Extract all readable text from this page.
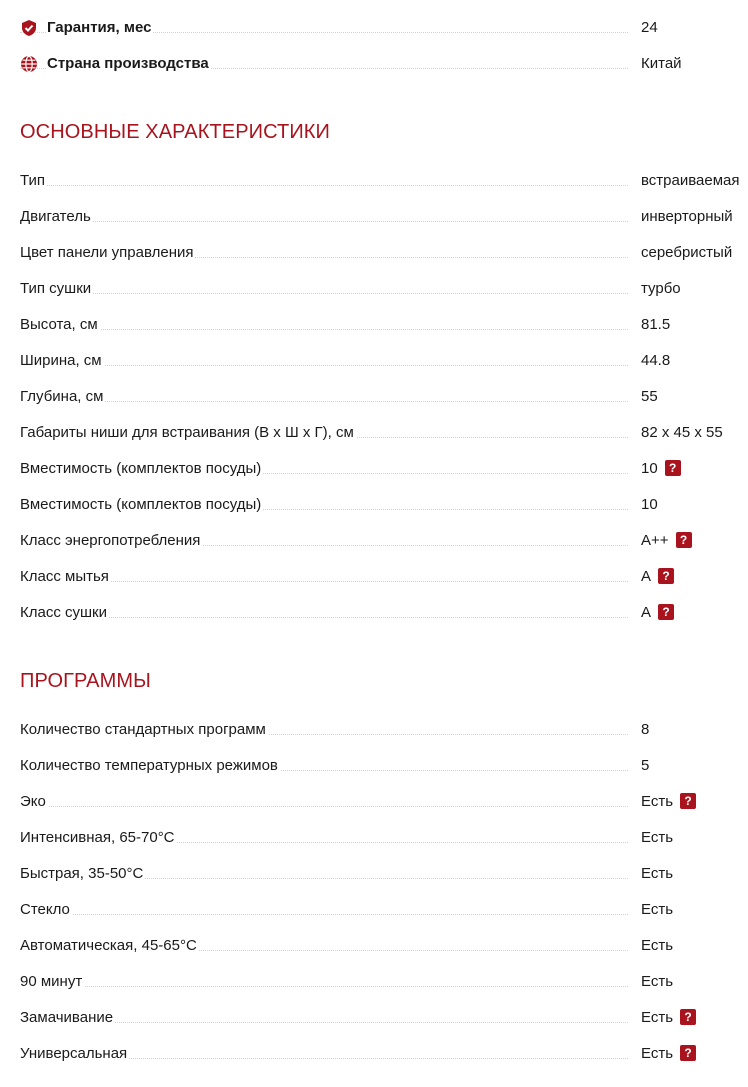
Гарантия, мес	24
Страна производства	Китай
ОСНОВНЫЕ ХАРАКТЕРИСТИКИ
Тип	встраиваемая
Двигатель	инверторный
Цвет панели управления	серебристый
Тип сушки	турбо
Высота, см	81.5
Ширина, см	44.8
Глубина, см	55
Габариты ниши для встраивания (В х Ш х Г), см	82 x 45 x 55
Вместимость (комплектов посуды)	10 ?
Вместимость (комплектов посуды)	10
Класс энергопотребления	A++ ?
Класс мытья	A ?
Класс сушки	A ?
ПРОГРАММЫ
Количество стандартных программ	8
Количество температурных режимов	5
Эко	Есть ?
Интенсивная, 65-70°C	Есть
Быстрая, 35-50°C	Есть
Стекло	Есть
Автоматическая, 45-65°C	Есть
90 минут	Есть
Замачивание	Есть ?
Универсальная	Есть ?
